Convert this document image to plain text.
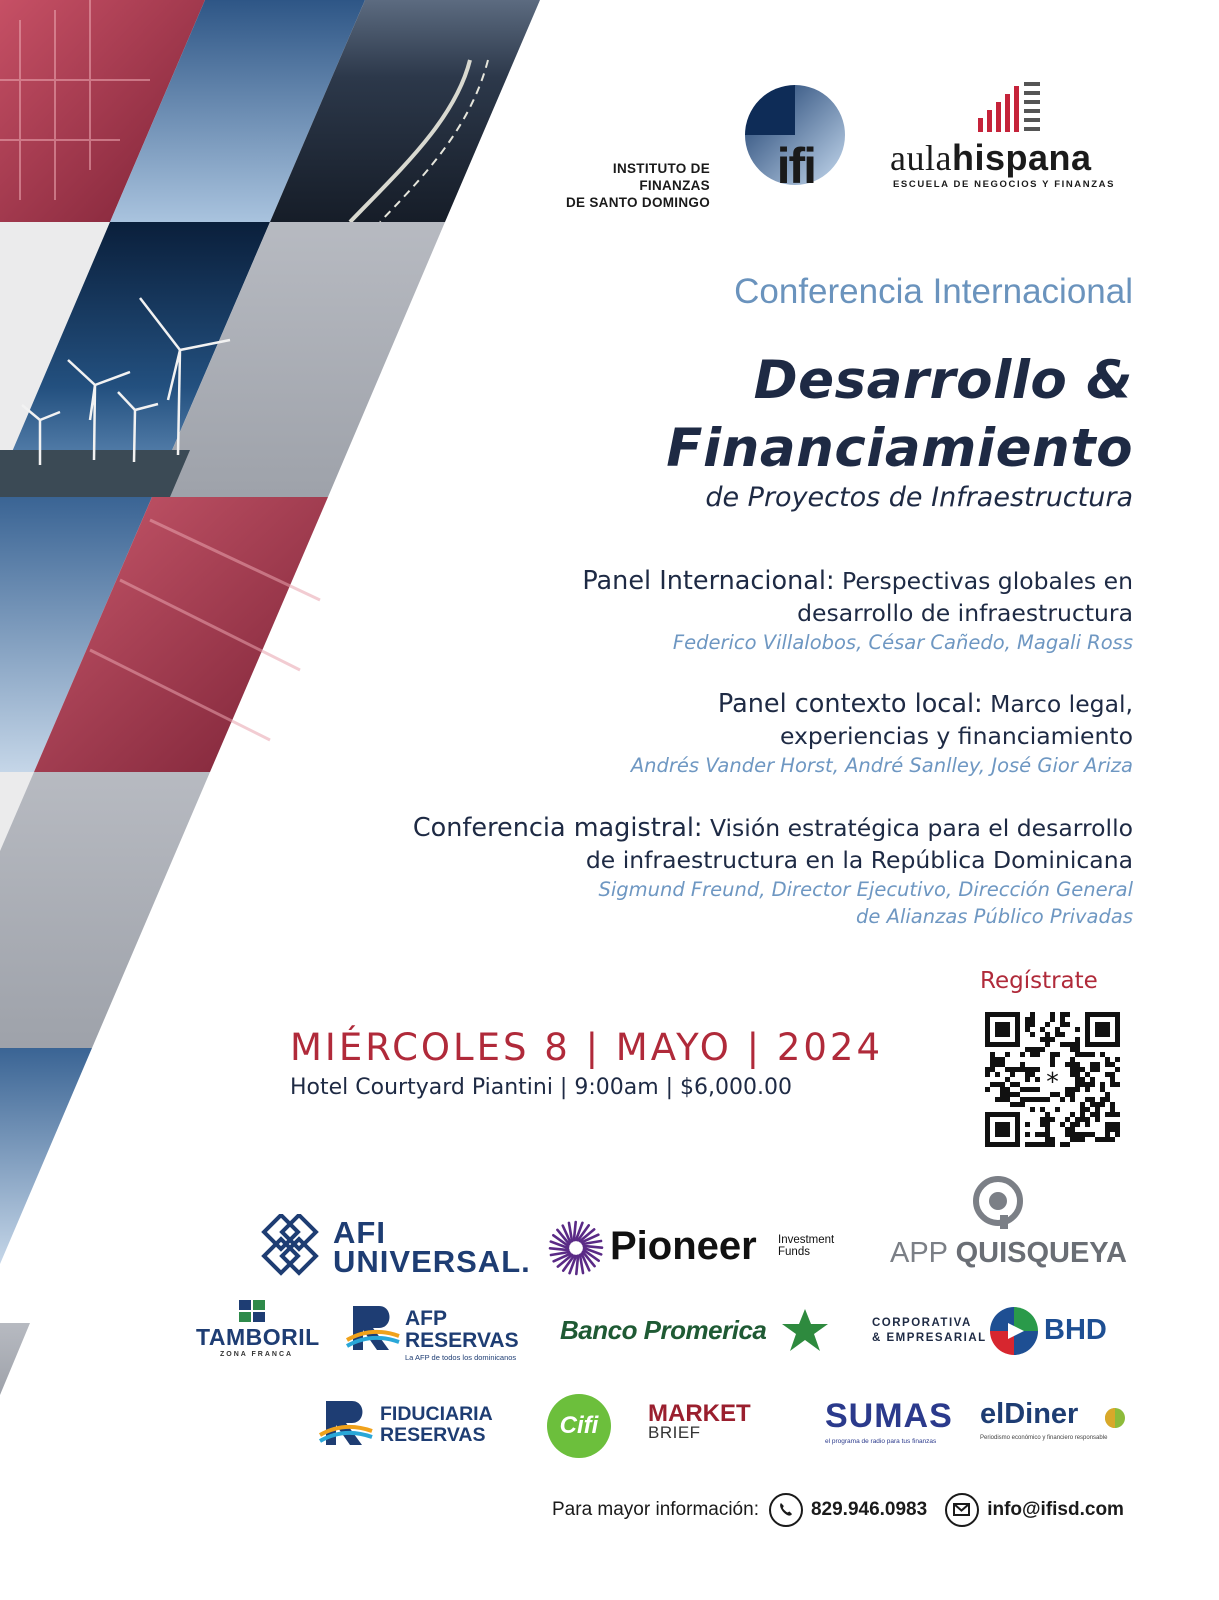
INSTITUTO DE FINANZAS
DE SANTO DOMINGO
ifi aulahispana
ESCUELA DE NEGOCIOS Y FINANZAS
Conferencia Internacional
Desarrollo &
Financiamiento
de Proyectos de Infraestructura
Panel Internacional: Perspectivas globales en
desarrollo de infraestructura
Federico Villalobos, César Cañedo, Magali Ross
Panel contexto local: Marco legal,
experiencias y financiamiento
Andrés Vander Horst, André Sanlley, José Gior Ariza
Conferencia magistral: Visión estratégica para el desarrollo
de infraestructura en la República Dominicana
Sigmund Freund, Director Ejecutivo, Dirección General
de Alianzas Público Privadas
MIÉRCOLES 8 | MAYO | 2024
Hotel Courtyard Piantini | 9:00am | $6,000.00
Regístrate
*
AFI
UNIVERSAL. Pioneer Investment
Funds	APP QUISQUEYA
TAMBORIL
ZONA FRANCA
AFP
RESERVAS
La AFP de todos los dominicanos
Banco Promerica	CORPORATIVA
& EMPRESARIAL BHD
FIDUCIARIA
RESERVAS	Cifi	MARKET
BRIEF	SUMAS
el programa de radio para tus finanzas
elDiner
Periodismo económico y financiero responsable
Para mayor información:	829.946.0983	info@ifisd.com
